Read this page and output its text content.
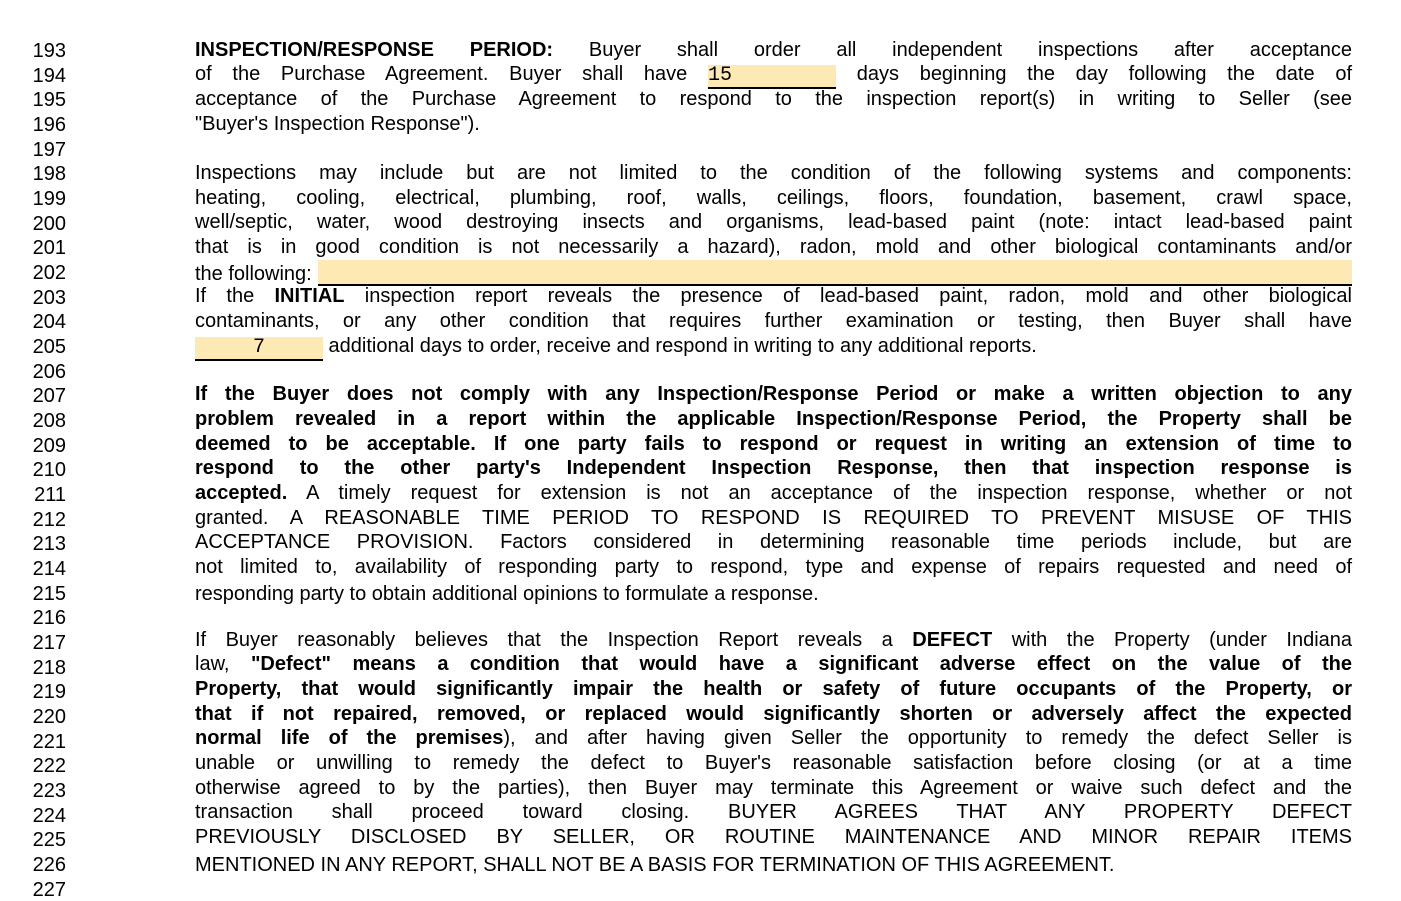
193
194
195
196
197
198
199
200
201
202
203
204
205
206
207
208
209
210
211
212
213
214
215
216
217
218
219
220
221
222
223
224
225
226
227
INSPECTION/RESPONSE PERIOD: Buyer shall order all independent inspections after acceptance
of the Purchase Agreement. Buyer shall have 15	days beginning the day following the date of
acceptance of the Purchase Agreement to respond to the inspection report(s) in writing to Seller (see
"Buyer's Inspection Response").
Inspections may include but are not limited to the condition of the following systems and components:
heating, cooling, electrical, plumbing, roof, walls, ceilings, floors, foundation, basement, crawl space,
well/septic, water, wood destroying insects and organisms, lead-based paint (note: intact lead-based paint
that is in good condition is not necessarily a hazard), radon, mold and other biological contaminants and/or
the following:
If the INITIAL inspection report reveals the presence of lead-based paint, radon, mold and other biological
contaminants, or any other condition that requires further examination or testing, then Buyer shall have
7	additional days to order, receive and respond in writing to any additional reports.
If the Buyer does not comply with any Inspection/Response Period or make a written objection to any
problem revealed in a report within the applicable Inspection/Response Period, the Property shall be
deemed to be acceptable. If one party fails to respond or request in writing an extension of time to
respond to the other party's Independent Inspection Response, then that inspection response is
accepted. A timely request for extension is not an acceptance of the inspection response, whether or not
granted. A REASONABLE TIME PERIOD TO RESPOND IS REQUIRED TO PREVENT MISUSE OF THIS
ACCEPTANCE PROVISION. Factors considered in determining reasonable time periods include, but are
not limited to, availability of responding party to respond, type and expense of repairs requested and need of
responding party to obtain additional opinions to formulate a response.
If Buyer reasonably believes that the Inspection Report reveals a DEFECT with the Property (under Indiana
law, "Defect" means a condition that would have a significant adverse effect on the value of the
Property, that would significantly impair the health or safety of future occupants of the Property, or
that if not repaired, removed, or replaced would significantly shorten or adversely affect the expected
normal life of the premises), and after having given Seller the opportunity to remedy the defect Seller is
unable or unwilling to remedy the defect to Buyer's reasonable satisfaction before closing (or at a time
otherwise agreed to by the parties), then Buyer may terminate this Agreement or waive such defect and the
transaction shall proceed toward closing. BUYER AGREES THAT ANY PROPERTY DEFECT
PREVIOUSLY DISCLOSED BY SELLER, OR ROUTINE MAINTENANCE AND MINOR REPAIR ITEMS
MENTIONED IN ANY REPORT, SHALL NOT BE A BASIS FOR TERMINATION OF THIS AGREEMENT.
